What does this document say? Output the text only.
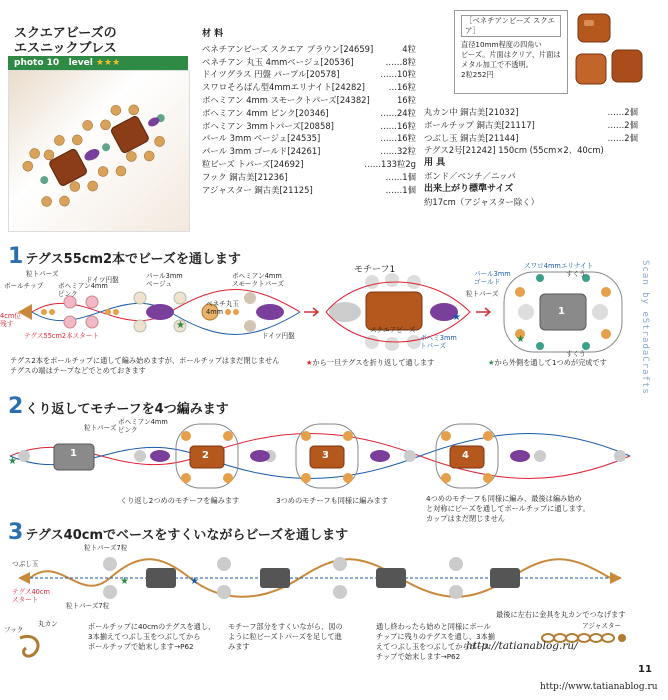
スクエアビーズの
エスニックブレス
photo 10 level ★★★
材 料
ベネチアンビーズ スクエア ブラウン[24659]	4粒
ベネチアン 丸玉 4mmベージュ[20536]	……8粒
ドイツグラス 円盤 パープル[20578]	……10粒
スワロそろばん型4mmエリナイト[24282]	…16粒
ボヘミアン 4mm スモークトパーズ[24382]	16粒
ボヘミアン 4mm ピンク[20346]	……24粒
ボヘミアン 3mmトパーズ[20858]	……16粒
パール 3mm ベージュ[24535]	……16粒
パール 3mm ゴールド[24261]	……32粒
粒ビーズ トパーズ[24692]	……133粒2g
フック 銅古美[21236]	……1個
アジャスター 銅古美[21125]	……1個
［ベネチアンビーズ スクエア］
直径10mm程度の四角い
ビーズ。片面はクリア、片面は
メタル加工で不透明。
2粒252円
丸カン中 銅古美[21032]	……2個
ボールチップ 銅古美[21117]	……2個
つぶし玉 銅古美[21144]	……2個
テグス2号[21242] 150cm (55cm×2、40cm)
用 具
ボンド／ペンチ／ニッパ
出来上がり標準サイズ
約17cm（アジャスター除く）
1 テグス55cm2本でビーズを通します
★
★
★
粒トパーズ
ボールチップ
4cm位
残す
ボヘミアン4mm
ピンク
ドイツ円盤	パール3mm
ベージュ
ボヘミアン4mm
スモークトパーズ
ベネチ丸玉
4mm
ドイツ円盤
テグス55cm2本スタート
モチーフ1
スクエアビーズ
ボヘミ3mm
トパーズ
スワロ4mmエリナイト
パール3mm
ゴールド
粒トパーズ
すくう
すくう
1
テグス2本をボールチップに通して編み始めますが、ボールチップはまだ閉じません
テグスの端はテープなどでとめておきます
★から一旦テグスを折り返して通します	★から外側を通して1つめが完成です
2 くり返してモチーフを4つ編みます
★
粒トパーズ
ボヘミアン4mm
ピンク
1	2	3	4
くり返し2つめのモチーフを編みます	3つめのモチーフも同様に編みます	4つめのモチーフも同様に編み、最後は編み始め
と対称にビーズを通してボールチップに通します。
カップはまだ閉じません
3 テグス40cmでベースをすくいながらビーズを通します
★	★
粒トパーズ7粒
つぶし玉
テグス40cm
スタート
粒トパーズ7粒
丸カン
フック	アジャスター
最後に左右に金具を丸カンでつなげます
ボールチップに40cmのテグスを通し、
3本揃えてつぶし玉をつぶしてから
ボールチップで始末します→P62
モチーフ部分をすくいながら、図の
ように粒ビーズトパーズを足して進
みます
通し終わったら始めと同様にボール
チップに残りのテグスを通し、3本揃
えてつぶし玉をつぶしてからボール
チップで始末します→P62
Scan by eStradaCrafts
http://tatianablog.ru/
11
http://www.tatianablog.ru
